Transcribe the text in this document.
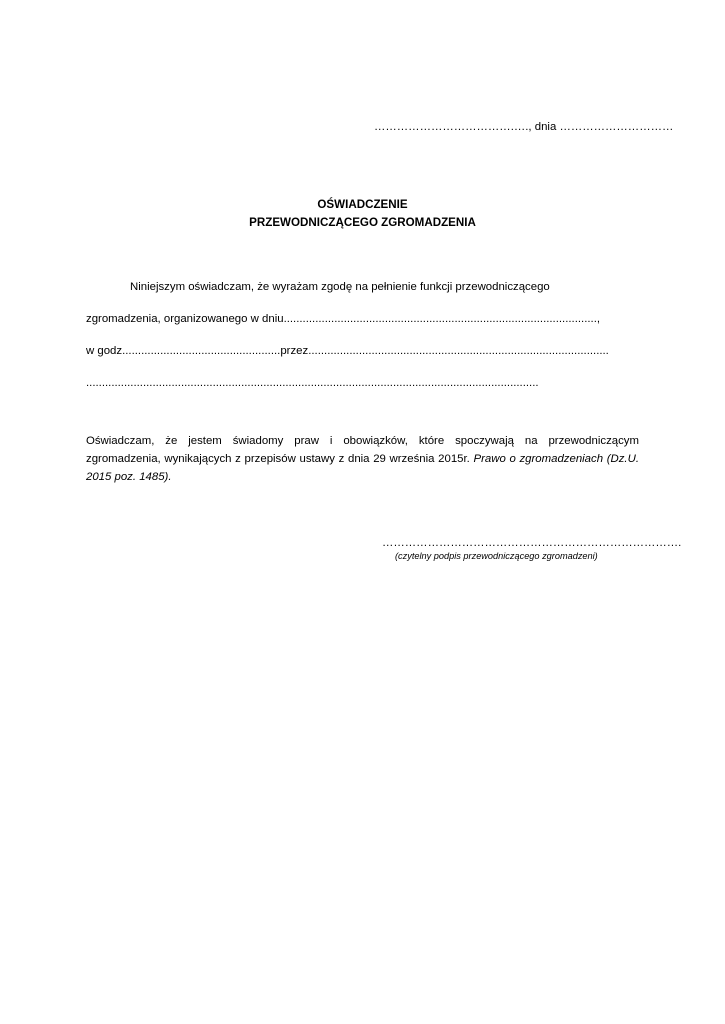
……………………………….…., dnia …………………………
OŚWIADCZENIE
PRZEWODNICZĄCEGO ZGROMADZENIA
Niniejszym oświadczam, że wyrażam zgodę na pełnienie funkcji przewodniczącego
zgromadzenia, organizowanego w dniu...................................................................................................,
w godz..................................................przez...............................................................................................
...............................................................................................................................................
Oświadczam, że jestem świadomy praw i obowiązków, które spoczywają na przewodniczącym zgromadzenia, wynikających z przepisów ustawy z dnia 29 września 2015r. Prawo o zgromadzeniach (Dz.U. 2015 poz. 1485).
…………………………………………………………………….
(czytelny podpis przewodniczącego zgromadzeni)
